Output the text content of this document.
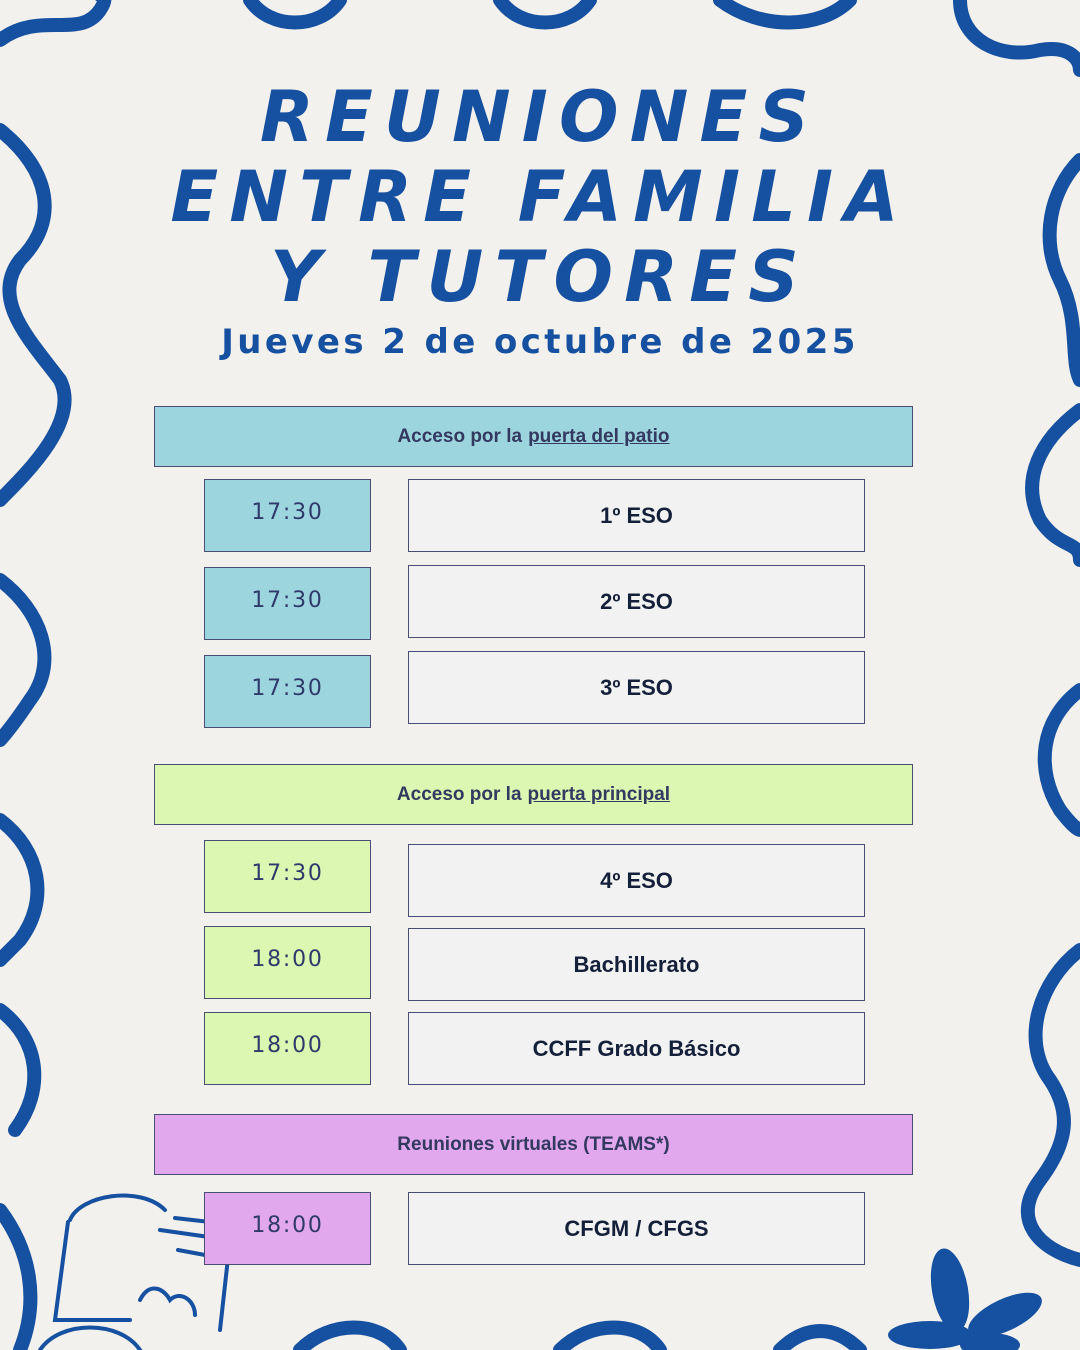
REUNIONES
ENTRE FAMILIA
Y TUTORES
Jueves 2 de octubre de 2025
Acceso por la puerta del patio
17:30	1º ESO
17:30	2º ESO
17:30	3º ESO
Acceso por la puerta principal
17:30	4º ESO
18:00	Bachillerato
18:00	CCFF Grado Básico
Reuniones virtuales (TEAMS*)
18:00	CFGM / CFGS
